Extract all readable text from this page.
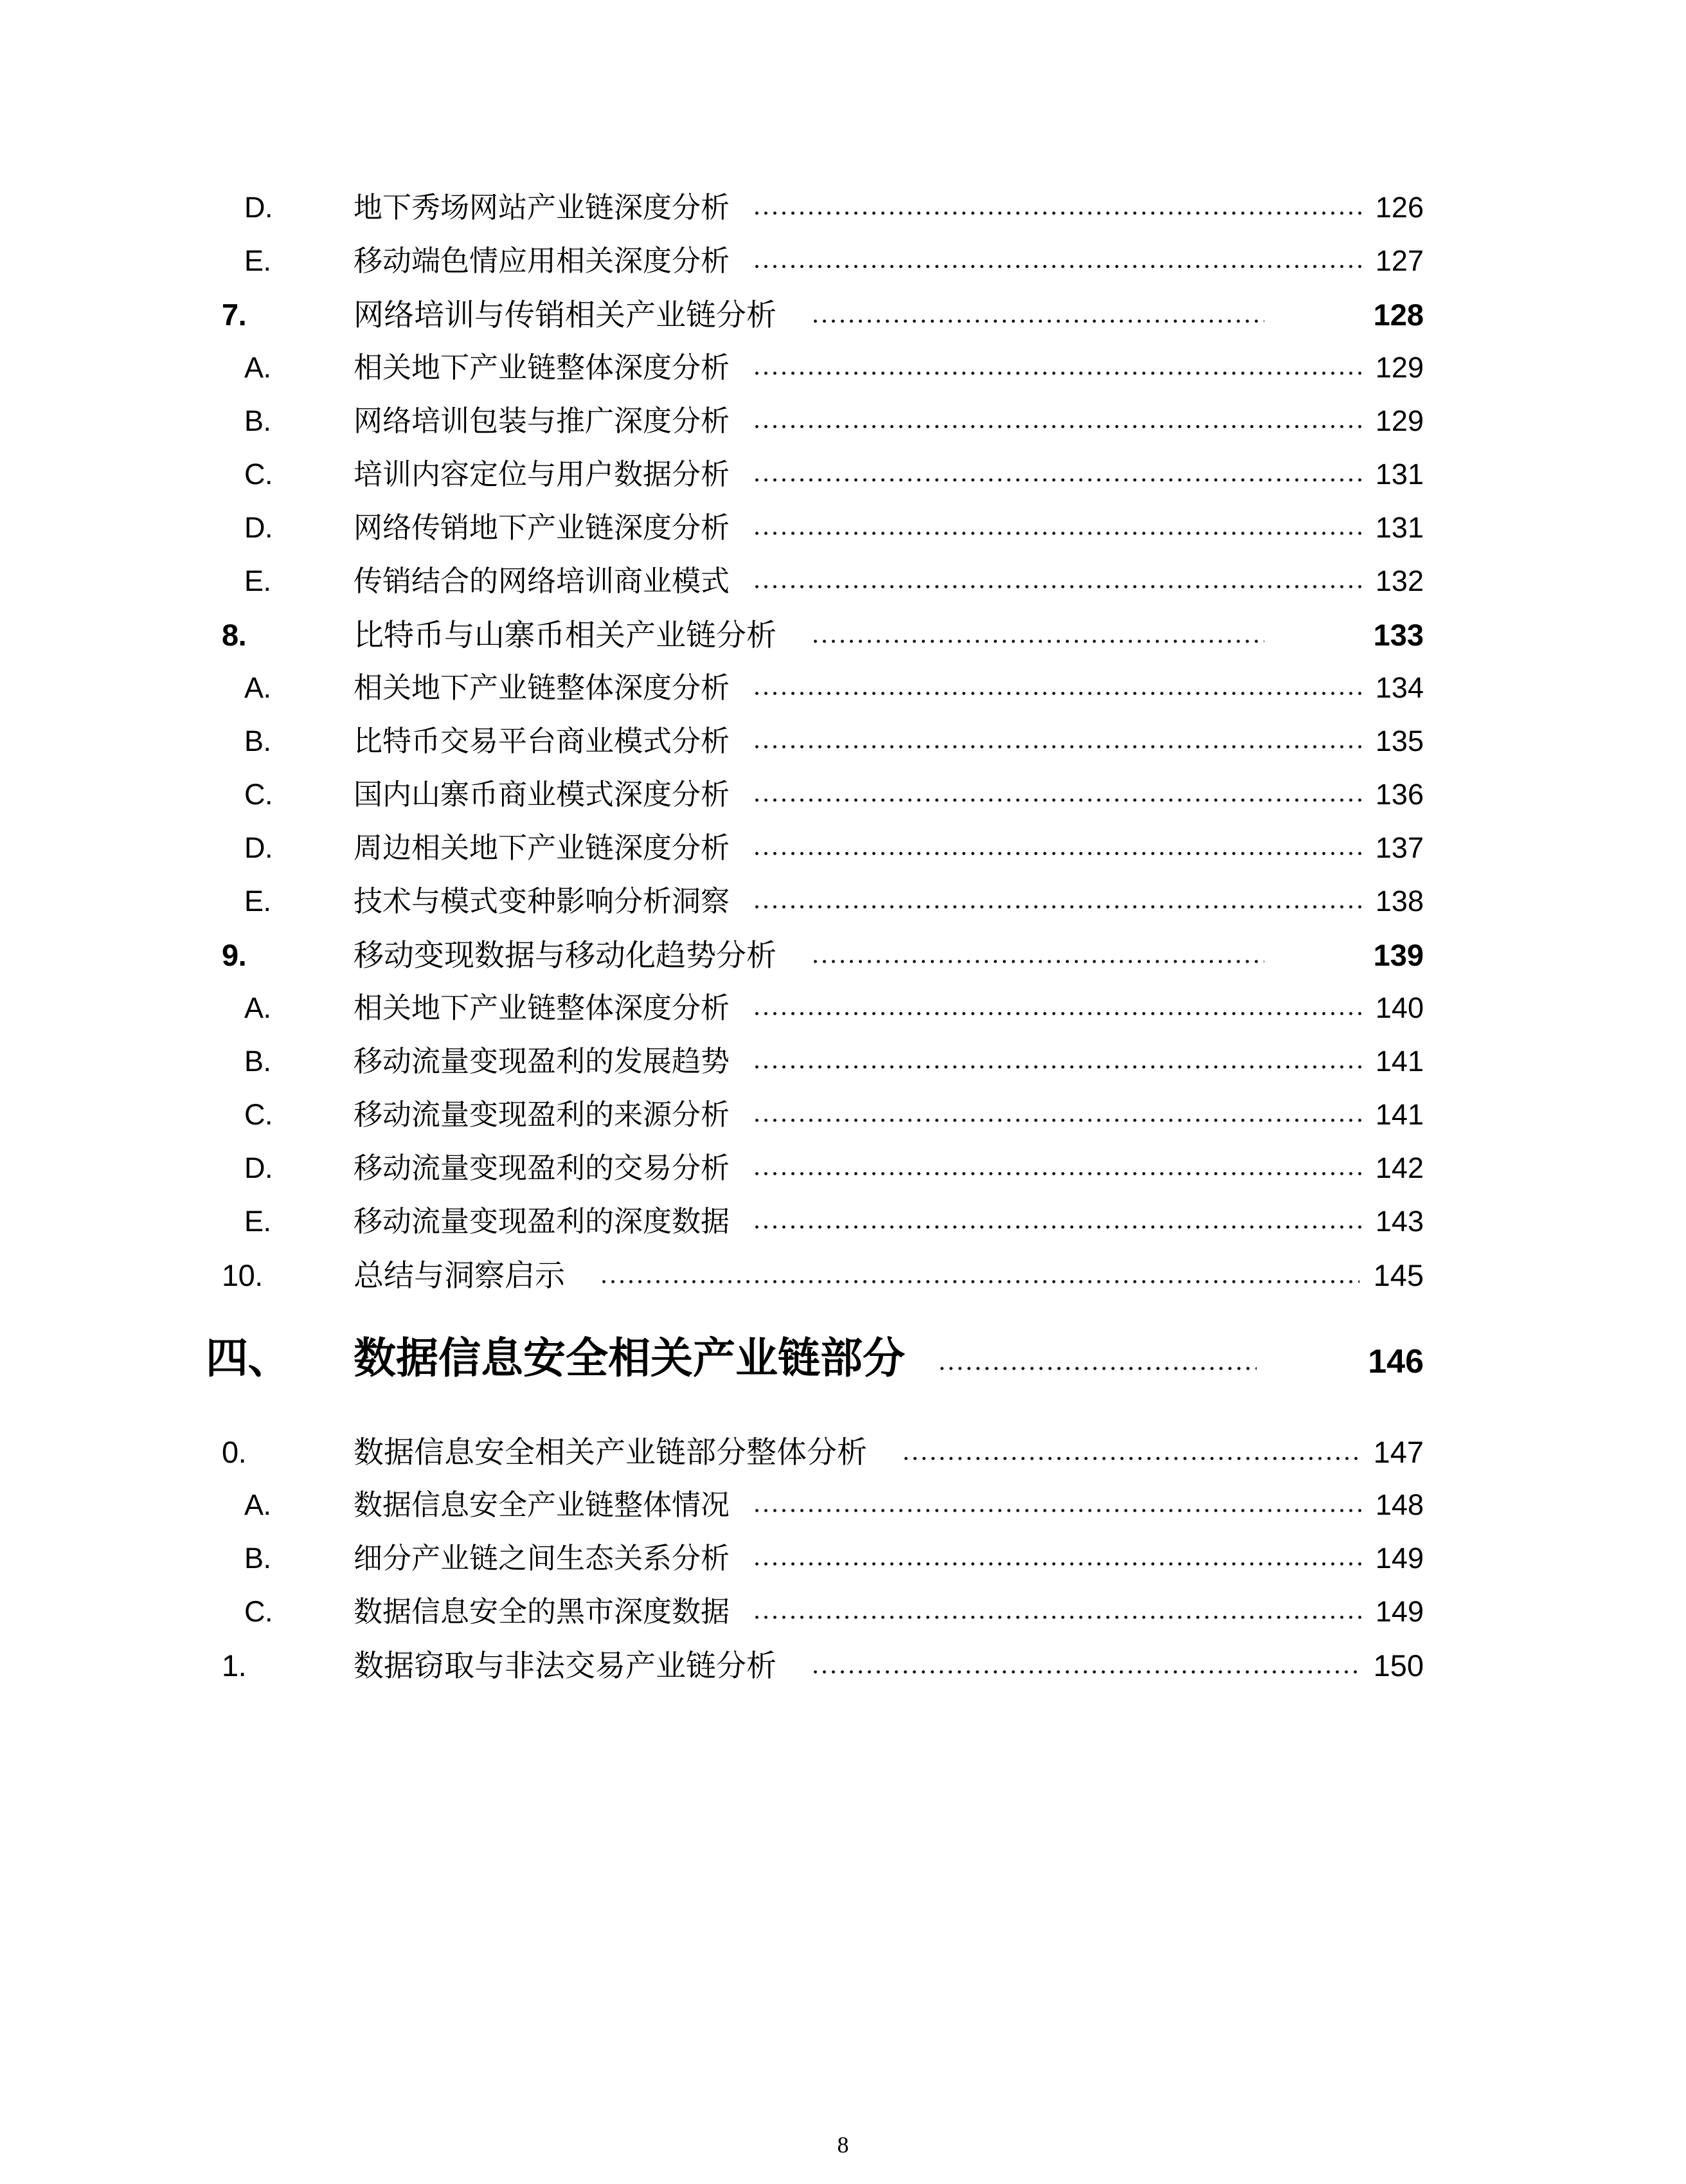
D.	地下秀场网站产业链深度分析	126
E.	移动端色情应用相关深度分析	127
7.	网络培训与传销相关产业链分析	128
A.	相关地下产业链整体深度分析	129
B.	网络培训包装与推广深度分析	129
C.	培训内容定位与用户数据分析	131
D.	网络传销地下产业链深度分析	131
E.	传销结合的网络培训商业模式	132
8.	比特币与山寨币相关产业链分析	133
A.	相关地下产业链整体深度分析	134
B.	比特币交易平台商业模式分析	135
C.	国内山寨币商业模式深度分析	136
D.	周边相关地下产业链深度分析	137
E.	技术与模式变种影响分析洞察	138
9.	移动变现数据与移动化趋势分析	139
A.	相关地下产业链整体深度分析	140
B.	移动流量变现盈利的发展趋势	141
C.	移动流量变现盈利的来源分析	141
D.	移动流量变现盈利的交易分析	142
E.	移动流量变现盈利的深度数据	143
10.	总结与洞察启示	145
四、	数据信息安全相关产业链部分	146
0.	数据信息安全相关产业链部分整体分析	147
A.	数据信息安全产业链整体情况	148
B.	细分产业链之间生态关系分析	149
C.	数据信息安全的黑市深度数据	149
1.	数据窃取与非法交易产业链分析	150
8
